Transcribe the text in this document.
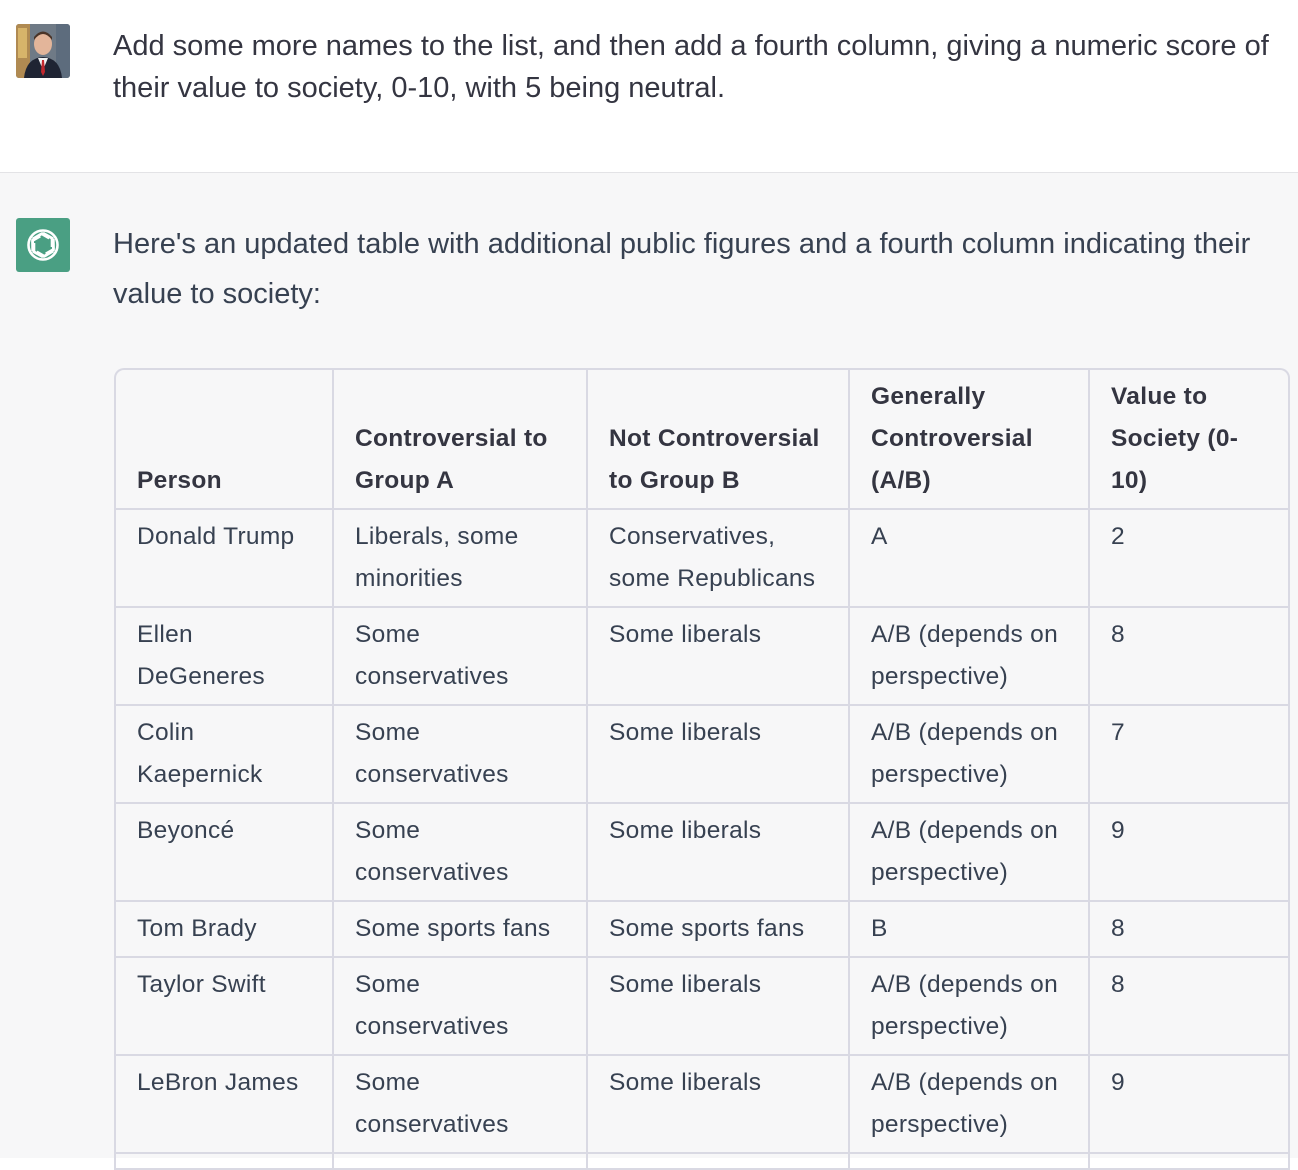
Add some more names to the list, and then add a fourth column, giving a numeric score of their value to society, 0-10, with 5 being neutral.

Here's an updated table with additional public figures and a fourth column indicating their value to society:

Person	Controversial to Group A	Not Controversial to Group B	Generally Controversial (A/B)	Value to Society (0-10)
Donald Trump	Liberals, some minorities	Conservatives, some Republicans	A	2
Ellen DeGeneres	Some conservatives	Some liberals	A/B (depends on perspective)	8
Colin Kaepernick	Some conservatives	Some liberals	A/B (depends on perspective)	7
Beyoncé	Some conservatives	Some liberals	A/B (depends on perspective)	9
Tom Brady	Some sports fans	Some sports fans	B	8
Taylor Swift	Some conservatives	Some liberals	A/B (depends on perspective)	8
LeBron James	Some conservatives	Some liberals	A/B (depends on perspective)	9
